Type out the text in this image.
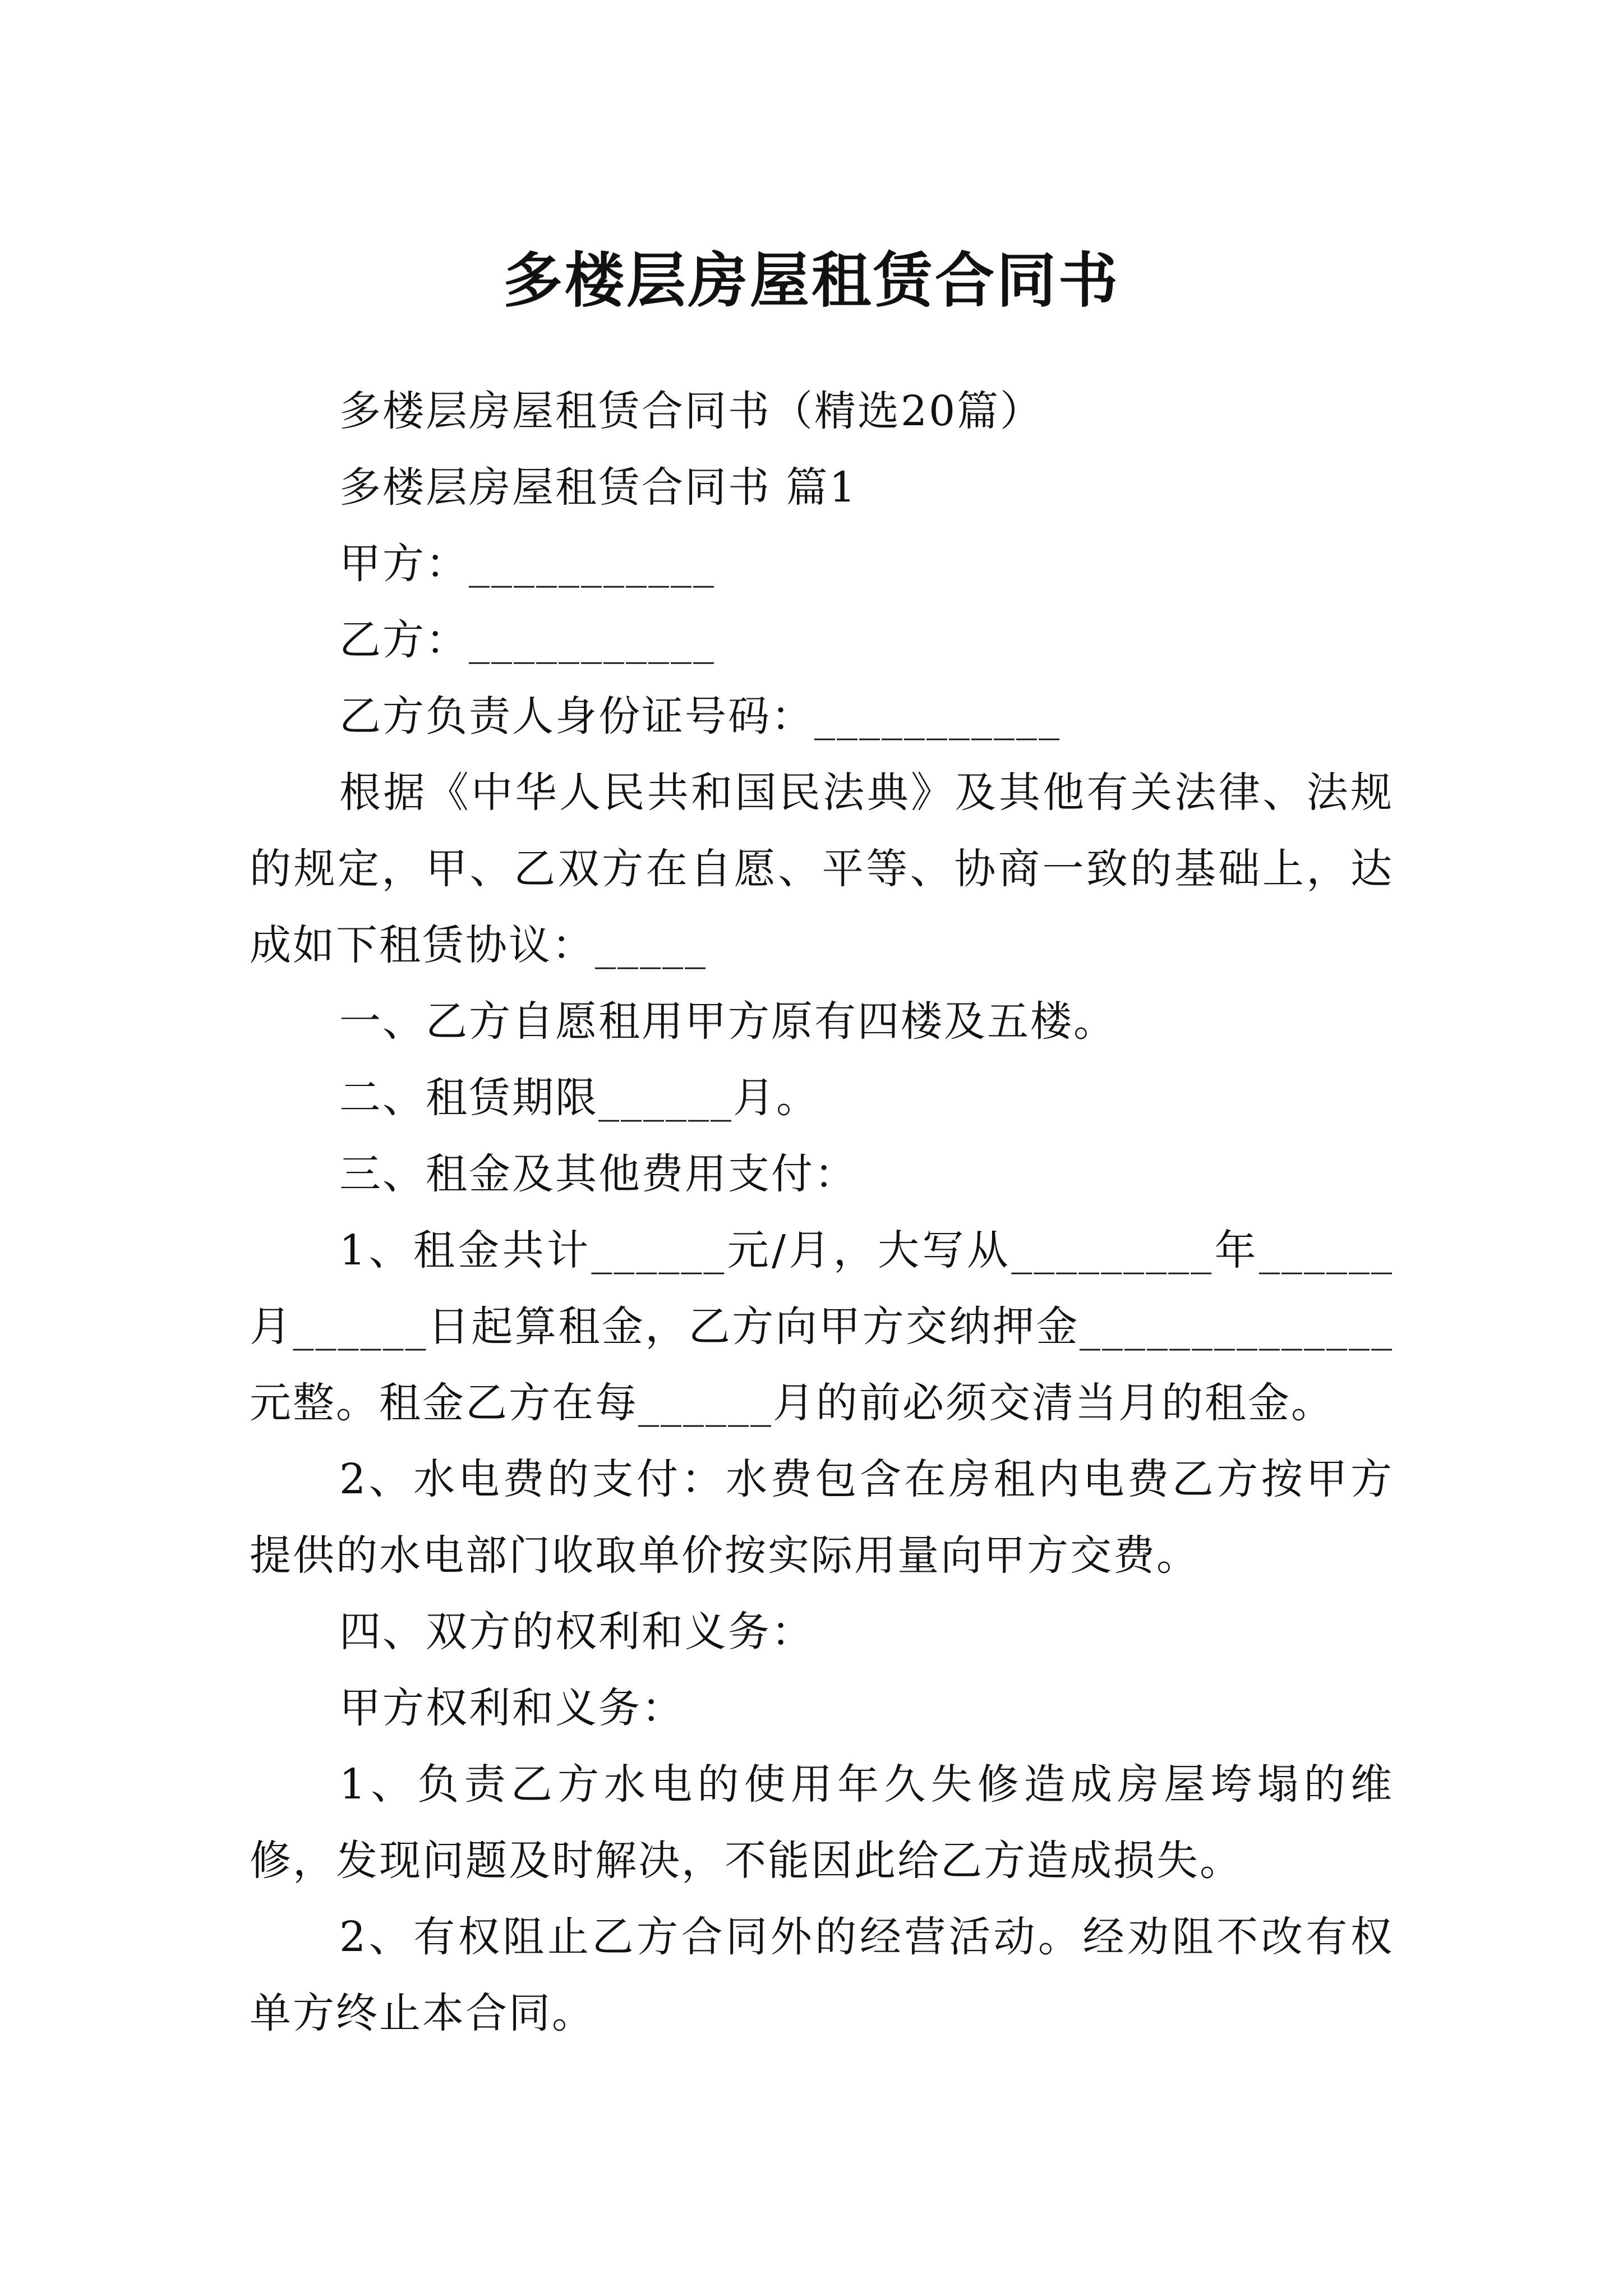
多楼层房屋租赁合同书

多楼层房屋租赁合同书（精选20篇）

多楼层房屋租赁合同书 篇1

甲方：___________

乙方：___________

乙方负责人身份证号码：___________

根据《中华人民共和国民法典》及其他有关法律、法规的规定，甲、乙双方在自愿、平等、协商一致的基础上，达成如下租赁协议：_____

一、乙方自愿租用甲方原有四楼及五楼。

二、租赁期限______月。

三、租金及其他费用支付：

1、租金共计______元/月，大写从_________年______月______日起算租金，乙方向甲方交纳押金______________元整。租金乙方在每______月的前必须交清当月的租金。

2、水电费的支付：水费包含在房租内电费乙方按甲方提供的水电部门收取单价按实际用量向甲方交费。

四、双方的权利和义务：

甲方权利和义务：

1、负责乙方水电的使用年久失修造成房屋垮塌的维修，发现问题及时解决，不能因此给乙方造成损失。

2、有权阻止乙方合同外的经营活动。经劝阻不改有权单方终止本合同。
